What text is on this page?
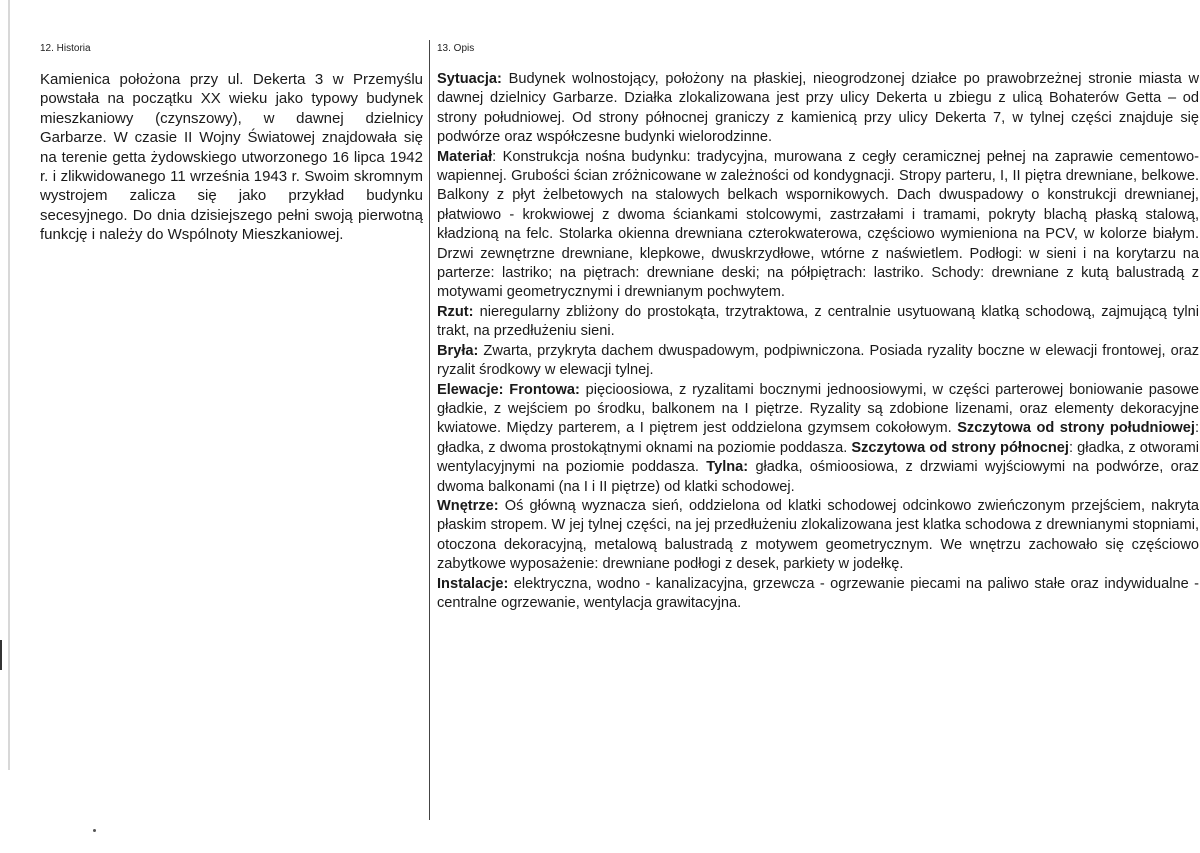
12. Historia	13. Opis
Kamienica położona przy ul. Dekerta 3 w Przemyślu powstała na początku XX wieku jako typowy budynek mieszkaniowy (czynszowy), w dawnej dzielnicy Garbarze. W czasie II Wojny Światowej znajdowała się na terenie getta żydowskiego utworzonego 16 lipca 1942 r. i zlikwidowanego 11 września 1943 r. Swoim skromnym wystrojem zalicza się jako przykład budynku secesyjnego. Do dnia dzisiejszego pełni swoją pierwotną funkcję i należy do Wspólnoty Mieszkaniowej.

Sytuacja: Budynek wolnostojący, położony na płaskiej, nieogrodzonej działce po prawobrzeżnej stronie miasta w dawnej dzielnicy Garbarze. Działka zlokalizowana jest przy ulicy Dekerta u zbiegu z ulicą Bohaterów Getta – od strony południowej. Od strony północnej graniczy z kamienicą przy ulicy Dekerta 7, w tylnej części znajduje się podwórze oraz współczesne budynki wielorodzinne.

Materiał: Konstrukcja nośna budynku: tradycyjna, murowana z cegły ceramicznej pełnej na zaprawie cementowo-wapiennej. Grubości ścian zróżnicowane w zależności od kondygnacji. Stropy parteru, I, II piętra drewniane, belkowe. Balkony z płyt żelbetowych na stalowych belkach wspornikowych. Dach dwuspadowy o konstrukcji drewnianej, płatwiowo - krokwiowej z dwoma ściankami stolcowymi, zastrzałami i tramami, pokryty blachą płaską stalową, kładzioną na felc. Stolarka okienna drewniana czterokwaterowa, częściowo wymieniona na PCV, w kolorze białym. Drzwi zewnętrzne drewniane, klepkowe, dwuskrzydłowe, wtórne z naświetlem. Podłogi: w sieni i na korytarzu na parterze: lastriko; na piętrach: drewniane deski; na półpiętrach: lastriko. Schody: drewniane z kutą balustradą z motywami geometrycznymi i drewnianym pochwytem.

Rzut: nieregularny zbliżony do prostokąta, trzytraktowa, z centralnie usytuowaną klatką schodową, zajmującą tylni trakt, na przedłużeniu sieni.

Bryła: Zwarta, przykryta dachem dwuspadowym, podpiwniczona. Posiada ryzality boczne w elewacji frontowej, oraz ryzalit środkowy w elewacji tylnej.

Elewacje: Frontowa: pięcioosiowa, z ryzalitami bocznymi jednoosiowymi, w części parterowej boniowanie pasowe gładkie, z wejściem po środku, balkonem na I piętrze. Ryzality są zdobione lizenami, oraz elementy dekoracyjne kwiatowe. Między parterem, a I piętrem jest oddzielona gzymsem cokołowym. Szczytowa od strony południowej: gładka, z dwoma prostokątnymi oknami na poziomie poddasza. Szczytowa od strony północnej: gładka, z otworami wentylacyjnymi na poziomie poddasza. Tylna: gładka, ośmioosiowa, z drzwiami wyjściowymi na podwórze, oraz dwoma balkonami (na I i II piętrze) od klatki schodowej.

Wnętrze: Oś główną wyznacza sień, oddzielona od klatki schodowej odcinkowo zwieńczonym przejściem, nakryta płaskim stropem. W jej tylnej części, na jej przedłużeniu zlokalizowana jest klatka schodowa z drewnianymi stopniami, otoczona dekoracyjną, metalową balustradą z motywem geometrycznym. We wnętrzu zachowało się częściowo zabytkowe wyposażenie: drewniane podłogi z desek, parkiety w jodełkę.

Instalacje: elektryczna, wodno - kanalizacyjna, grzewcza - ogrzewanie piecami na paliwo stałe oraz indywidualne - centralne ogrzewanie, wentylacja grawitacyjna.
